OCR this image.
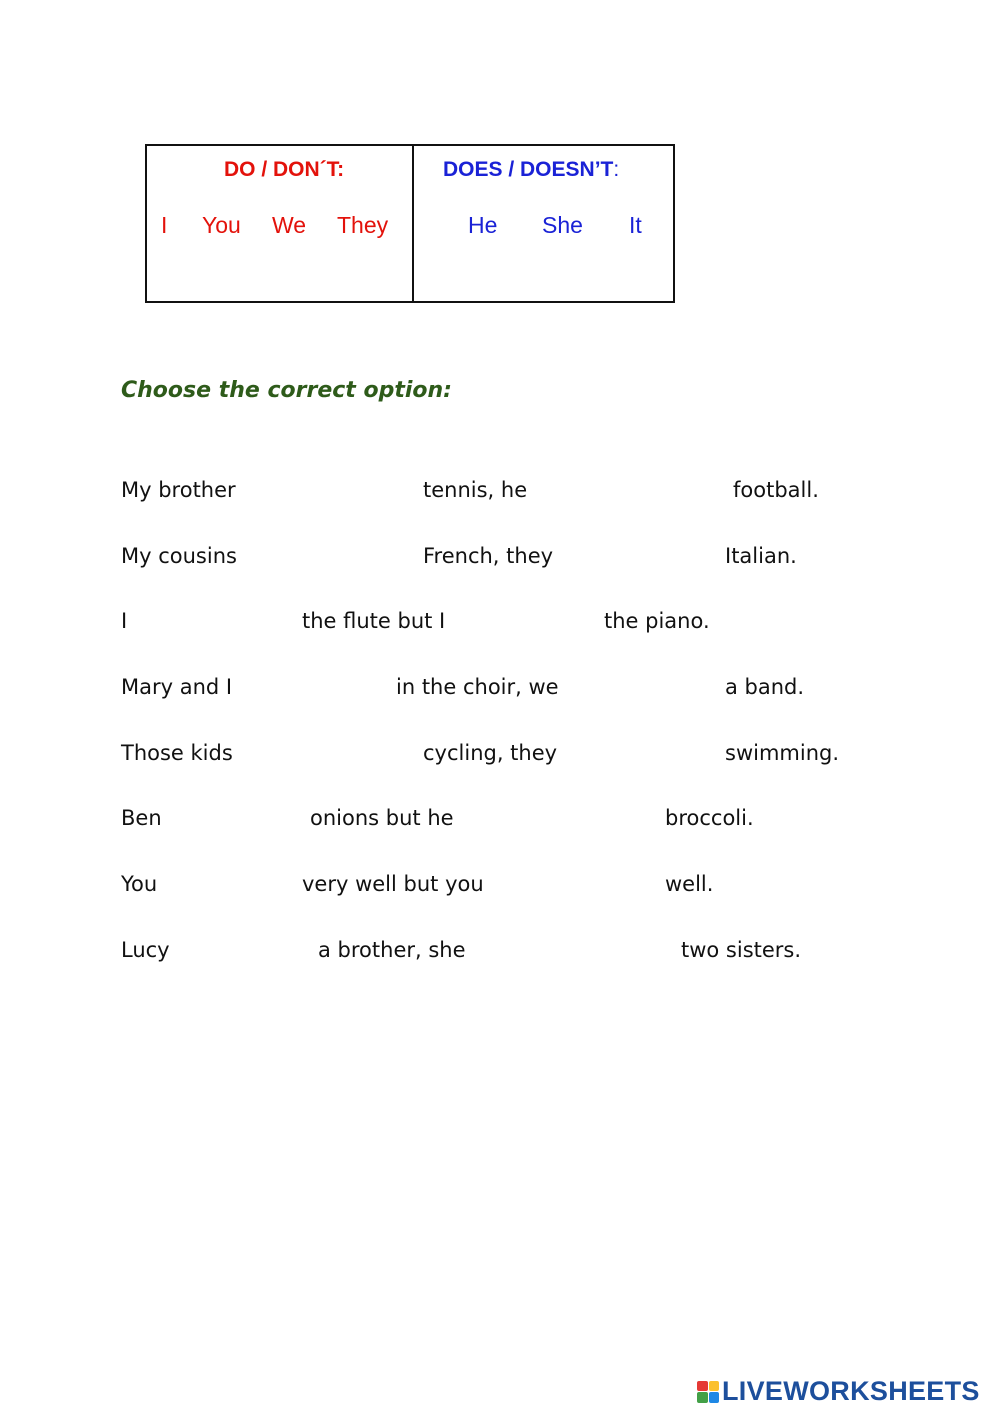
DO / DON´T:
I You We They
DOES / DOESN’T:
He She It
Choose the correct option:
My brother	tennis, he	football.
My cousins	French, they	Italian.
I	the flute but I	the piano.
Mary and I	in the choir, we	a band.
Those kids	cycling, they	swimming.
Ben	onions but he	broccoli.
You	very well but you	well.
Lucy	a brother, she	two sisters.
LIVEWORKSHEETS
